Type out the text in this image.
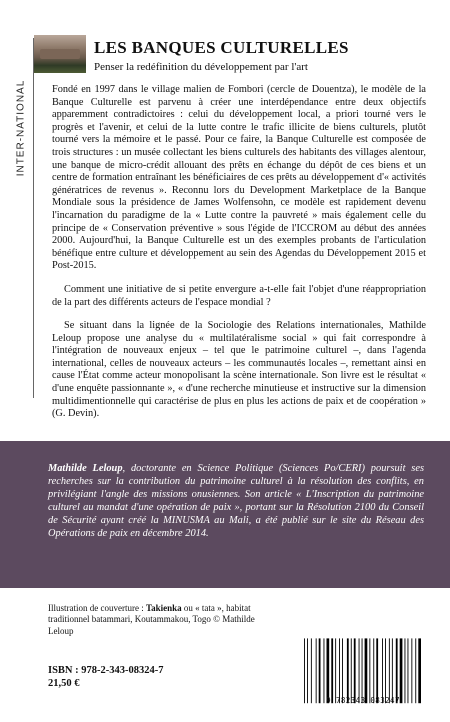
INTER-NATIONAL
LES BANQUES CULTURELLES
Penser la redéfinition du développement par l'art

Fondé en 1997 dans le village malien de Fombori (cercle de Douentza), le modèle de la Banque Culturelle est parvenu à créer une interdépendance entre deux objectifs apparemment contradictoires : celui du développement local, a priori tourné vers le progrès et l'avenir, et celui de la lutte contre le trafic illicite de biens culturels, plutôt tourné vers la mémoire et le passé. Pour ce faire, la Banque Culturelle est composée de trois structures : un musée collectant les biens culturels des habitants des villages alentour, une banque de micro-crédit allouant des prêts en échange du dépôt de ces biens et un centre de formation entraînant les bénéficiaires de ces prêts au développement d'« activités génératrices de revenus ». Reconnu lors du Development Marketplace de la Banque Mondiale sous la présidence de James Wolfensohn, ce modèle est rapidement devenu l'incarnation du paradigme de la « Lutte contre la pauvreté » mais également celle du principe de « Conservation préventive » sous l'égide de l'ICCROM au début des années 2000. Aujourd'hui, la Banque Culturelle est un des exemples probants de l'articulation bénéfique entre culture et développement au sein des Agendas du Développement 2015 et Post-2015.

Comment une initiative de si petite envergure a-t-elle fait l'objet d'une réappropriation de la part des différents acteurs de l'espace mondial ?

Se situant dans la lignée de la Sociologie des Relations internationales, Mathilde Leloup propose une analyse du « multilatéralisme social » qui fait correspondre à l'intégration de nouveaux enjeux – tel que le patrimoine culturel –, dans l'agenda international, celles de nouveaux acteurs – les communautés locales –, remettant ainsi en cause l'État comme acteur monopolisant la scène internationale. Son livre est le résultat « d'une enquête passionnante », « d'une recherche minutieuse et instructive sur la dimension multidimentionnelle qui caractérise de plus en plus les actions de paix et de coopération » (G. Devin).

Mathilde Leloup, doctorante en Science Politique (Sciences Po/CERI) poursuit ses recherches sur la contribution du patrimoine culturel à la résolution des conflits, en privilégiant l'angle des missions onusiennes. Son article « L'Inscription du patrimoine culturel au mandat d'une opération de paix », portant sur la Résolution 2100 du Conseil de Sécurité ayant créé la MINUSMA au Mali, a été publié sur le site du Réseau des Opérations de paix en décembre 2014.
Illustration de couverture : Takienka ou « tata », habitat traditionnel batammari, Koutammakou, Togo © Mathilde Leloup
ISBN : 978-2-343-08324-7
21,50 €
9 782343 083247
